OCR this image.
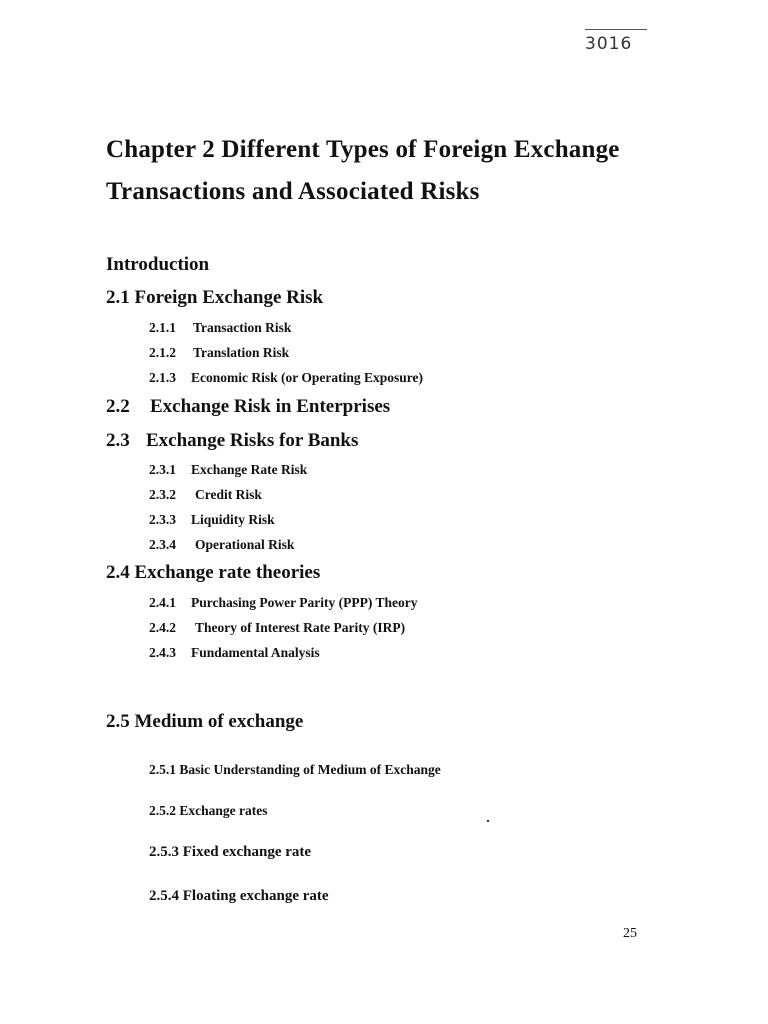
3016
Chapter 2 Different Types of Foreign Exchange
Transactions and Associated Risks
Introduction
2.1 Foreign Exchange Risk
2.1.1 Transaction Risk
2.1.2 Translation Risk
2.1.3 Economic Risk (or Operating Exposure)
2.2 Exchange Risk in Enterprises
2.3 Exchange Risks for Banks
2.3.1 Exchange Rate Risk
2.3.2 Credit Risk
2.3.3 Liquidity Risk
2.3.4 Operational Risk
2.4 Exchange rate theories
2.4.1 Purchasing Power Parity (PPP) Theory
2.4.2 Theory of Interest Rate Parity (IRP)
2.4.3 Fundamental Analysis
2.5 Medium of exchange
2.5.1 Basic Understanding of Medium of Exchange
2.5.2 Exchange rates
2.5.3 Fixed exchange rate
2.5.4 Floating exchange rate
25
